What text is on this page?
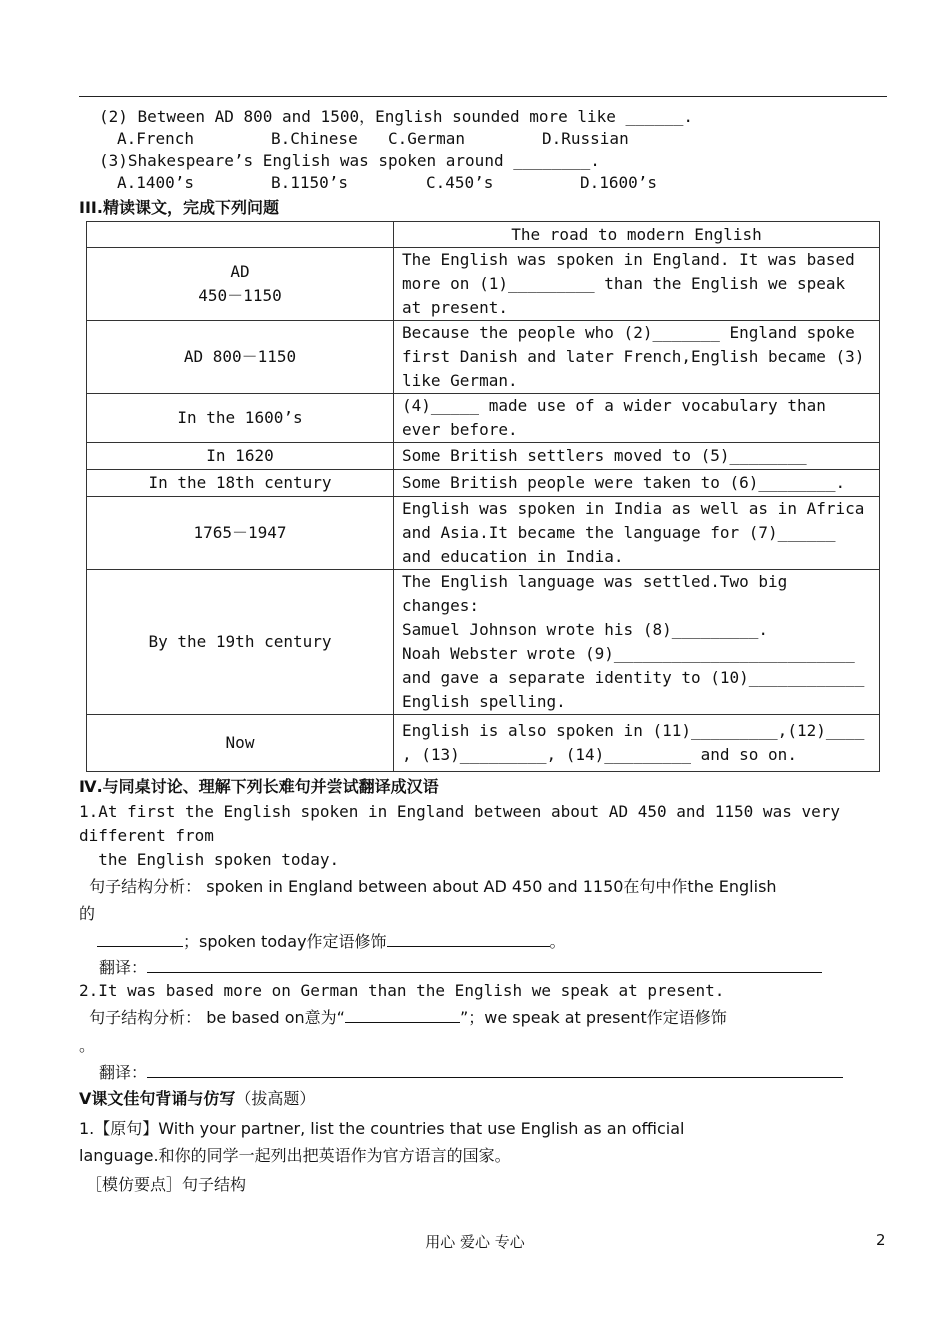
(2) Between AD 800 and 1500，English sounded more like ______.
A.French	B.Chinese C.German	D.Russian
(3)Shakespeare’s English was spoken around ________.
A.1400’s	B.1150’s	C.450’s	D.1600’s
III.精读课文，完成下列问题
	The road to modern English
AD
450－1150	The English was spoken in England. It was based more on (1)_________ than the English we speak at present.
AD 800－1150	Because the people who (2)_______ England spoke first Danish and later French,English became (3) like German.
In the 1600’s	(4)_____ made use of a wider vocabulary than ever before.
In 1620	Some British settlers moved to (5)________
In the 18th century	Some British people were taken to (6)________.
1765－1947	English was spoken in India as well as in Africa and Asia.It became the language for (7)______ and education in India.
By the 19th century	The English language was settled.Two big changes:
Samuel Johnson wrote his (8)_________.
Noah Webster wrote (9)_________________________ and gave a separate identity to (10)____________ English spelling.
Now	English is also spoken in (11)_________,(12)____ , (13)_________, (14)_________ and so on.
Ⅳ.与同桌讨论、理解下列长难句并尝试翻译成汉语
1.At first the English spoken in England between about AD 450 and 1150 was very
different from
the English spoken today.
句子结构分析： spoken in England between about AD 450 and 1150在句中作the English
的
；spoken today作定语修饰	。
翻译：
2.It was based more on German than the English we speak at present.
句子结构分析： be based on意为“	”；we speak at present作定语修饰
。
翻译：
V课文佳句背诵与仿写（拔高题）
1.【原句】With your partner, list the countries that use English as an official
language.和你的同学一起列出把英语作为官方语言的国家。
［模仿要点］句子结构
用心 爱心 专心	2
